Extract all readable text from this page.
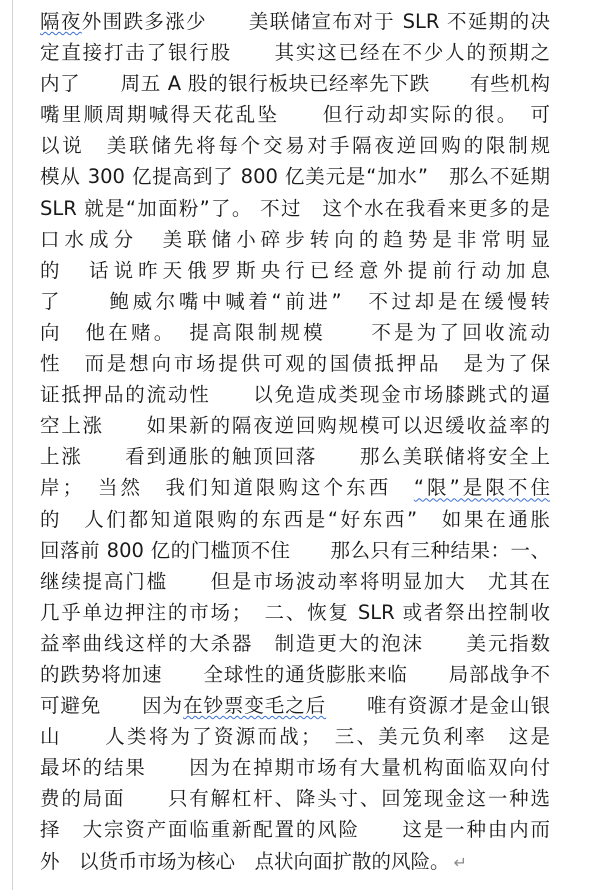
隔夜外围跌多涨少　　美联储宣布对于 SLR 不延期的决
定直接打击了银行股　　其实这已经在不少人的预期之
内了　　周五 A 股的银行板块已经率先下跌　　有些机构
嘴里顺周期喊得天花乱坠　　但行动却实际的很。　可
以说　美联储先将每个交易对手隔夜逆回购的限制规
模从 300 亿提高到了 800 亿美元是“加水”　那么不延期
SLR 就是“加面粉”了。 不过　这个水在我看来更多的是
口水成分　美联储小碎步转向的趋势是非常明显
的　话说昨天俄罗斯央行已经意外提前行动加息
了　　鲍威尔嘴中喊着“前进”　不过却是在缓慢转
向　他在赌。　提高限制规模　　不是为了回收流动
性　而是想向市场提供可观的国债抵押品　是为了保
证抵押品的流动性　　以免造成类现金市场膝跳式的逼
空上涨　　如果新的隔夜逆回购规模可以迟缓收益率的
上涨　　看到通胀的触顶回落　　那么美联储将安全上
岸；　当然　我们知道限购这个东西　“限”是限不住
的　人们都知道限购的东西是“好东西”　如果在通胀
回落前 800 亿的门槛顶不住　　那么只有三种结果：一、
继续提高门槛　　但是市场波动率将明显加大　尤其在
几乎单边押注的市场；　二、恢复 SLR 或者祭出控制收
益率曲线这样的大杀器　制造更大的泡沫　　美元指数
的跌势将加速　　全球性的通货膨胀来临　　局部战争不
可避免　　因为在钞票变毛之后　　唯有资源才是金山银
山　　人类将为了资源而战；　三、美元负利率　这是
最坏的结果　　因为在掉期市场有大量机构面临双向付
费的局面　　只有解杠杆、降头寸、回笼现金这一种选
择　大宗资产面临重新配置的风险　　这是一种由内而
外　以货币市场为核心　点状向面扩散的风险。 ↵
